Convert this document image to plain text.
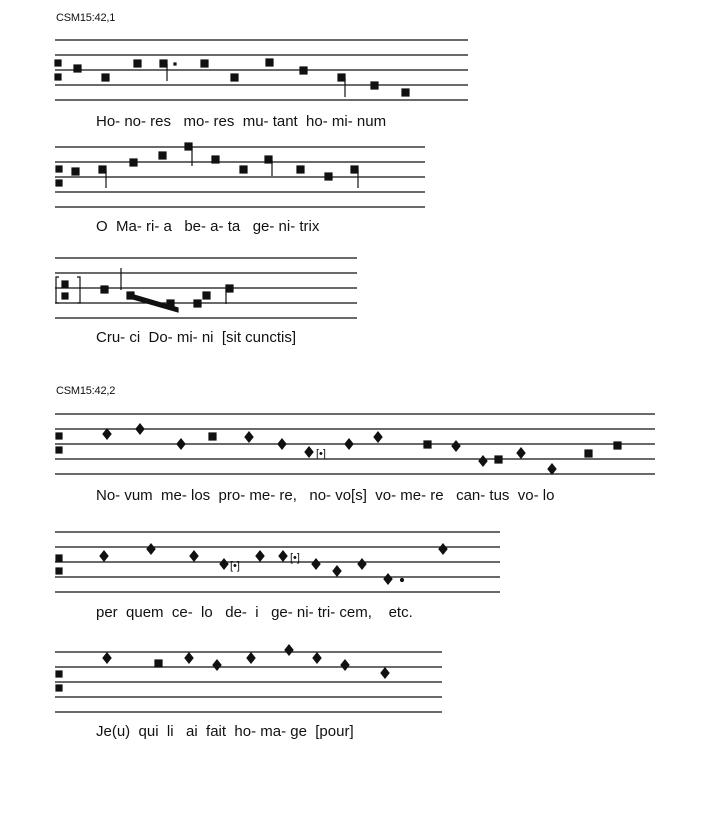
CSM15:42,1
CSM15:42,2
[•]
[•]
[•]
Ho- no- res   mo- res  mu- tant  ho- mi- num
O  Ma- ri- a   be- a- ta   ge- ni- trix
Cru- ci  Do- mi- ni  [sit cunctis]
No- vum  me- los  pro- me- re,   no- vo[s]  vo- me- re   can- tus  vo- lo
per  quem  ce-  lo   de-  i   ge- ni- tri- cem,    etc.
Je(u)  qui  li   ai  fait  ho- ma- ge  [pour]
